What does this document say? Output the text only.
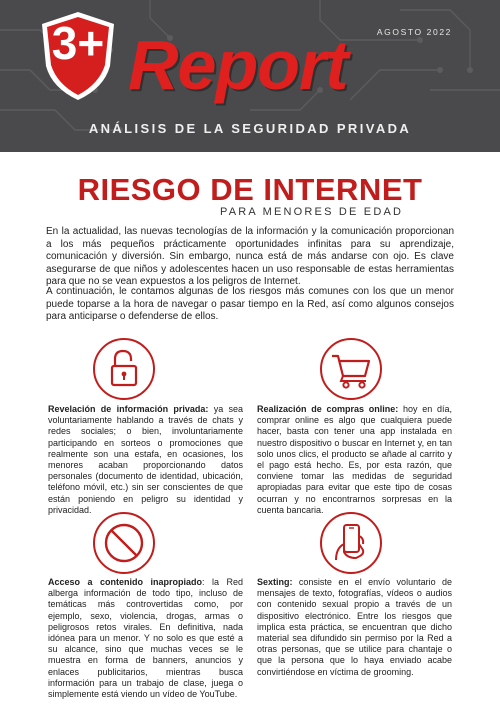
AGOSTO 2022
3+ Report
ANÁLISIS DE LA SEGURIDAD PRIVADA
RIESGO DE INTERNET
PARA MENORES DE EDAD
En la actualidad, las nuevas tecnologías de la información y la comunicación proporcionan a los más pequeños prácticamente oportunidades infinitas para su aprendizaje, comunicación y diversión. Sin embargo, nunca está de más andarse con ojo. Es clave asegurarse de que niños y adolescentes hacen un uso responsable de estas herramientas para que no se vean expuestos a los peligros de Internet.
A continuación, le contamos algunas de los riesgos más comunes con los que un menor puede toparse a la hora de navegar o pasar tiempo en la Red, así como algunos consejos para anticiparse o defenderse de ellos.
Revelación de información privada: ya sea voluntariamente hablando a través de chats y redes sociales; o bien, involuntariamente participando en sorteos o promociones que realmente son una estafa, en ocasiones, los menores acaban proporcionando datos personales (documento de identidad, ubicación, teléfono móvil, etc.) sin ser conscientes de que están poniendo en peligro su identidad y privacidad.
Realización de compras online: hoy en día, comprar online es algo que cualquiera puede hacer, basta con tener una app instalada en nuestro dispositivo o buscar en Internet y, en tan solo unos clics, el producto se añade al carrito y el pago está hecho. Es, por esta razón, que conviene tomar las medidas de seguridad apropiadas para evitar que este tipo de cosas ocurran y no encontrarnos sorpresas en la cuenta bancaria.
Acceso a contenido inapropiado: la Red alberga información de todo tipo, incluso de temáticas más controvertidas como, por ejemplo, sexo, violencia, drogas, armas o peligrosos retos virales. En definitiva, nada idónea para un menor. Y no solo es que esté a su alcance, sino que muchas veces se le muestra en forma de banners, anuncios y enlaces publicitarios, mientras busca información para un trabajo de clase, juega o simplemente está viendo un vídeo de YouTube.
Sexting: consiste en el envío voluntario de mensajes de texto, fotografías, vídeos o audios con contenido sexual propio a través de un dispositivo electrónico. Entre los riesgos que implica esta práctica, se encuentran que dicho material sea difundido sin permiso por la Red a otras personas, que se utilice para chantaje o que la persona que lo haya enviado acabe convirtiéndose en víctima de grooming.
